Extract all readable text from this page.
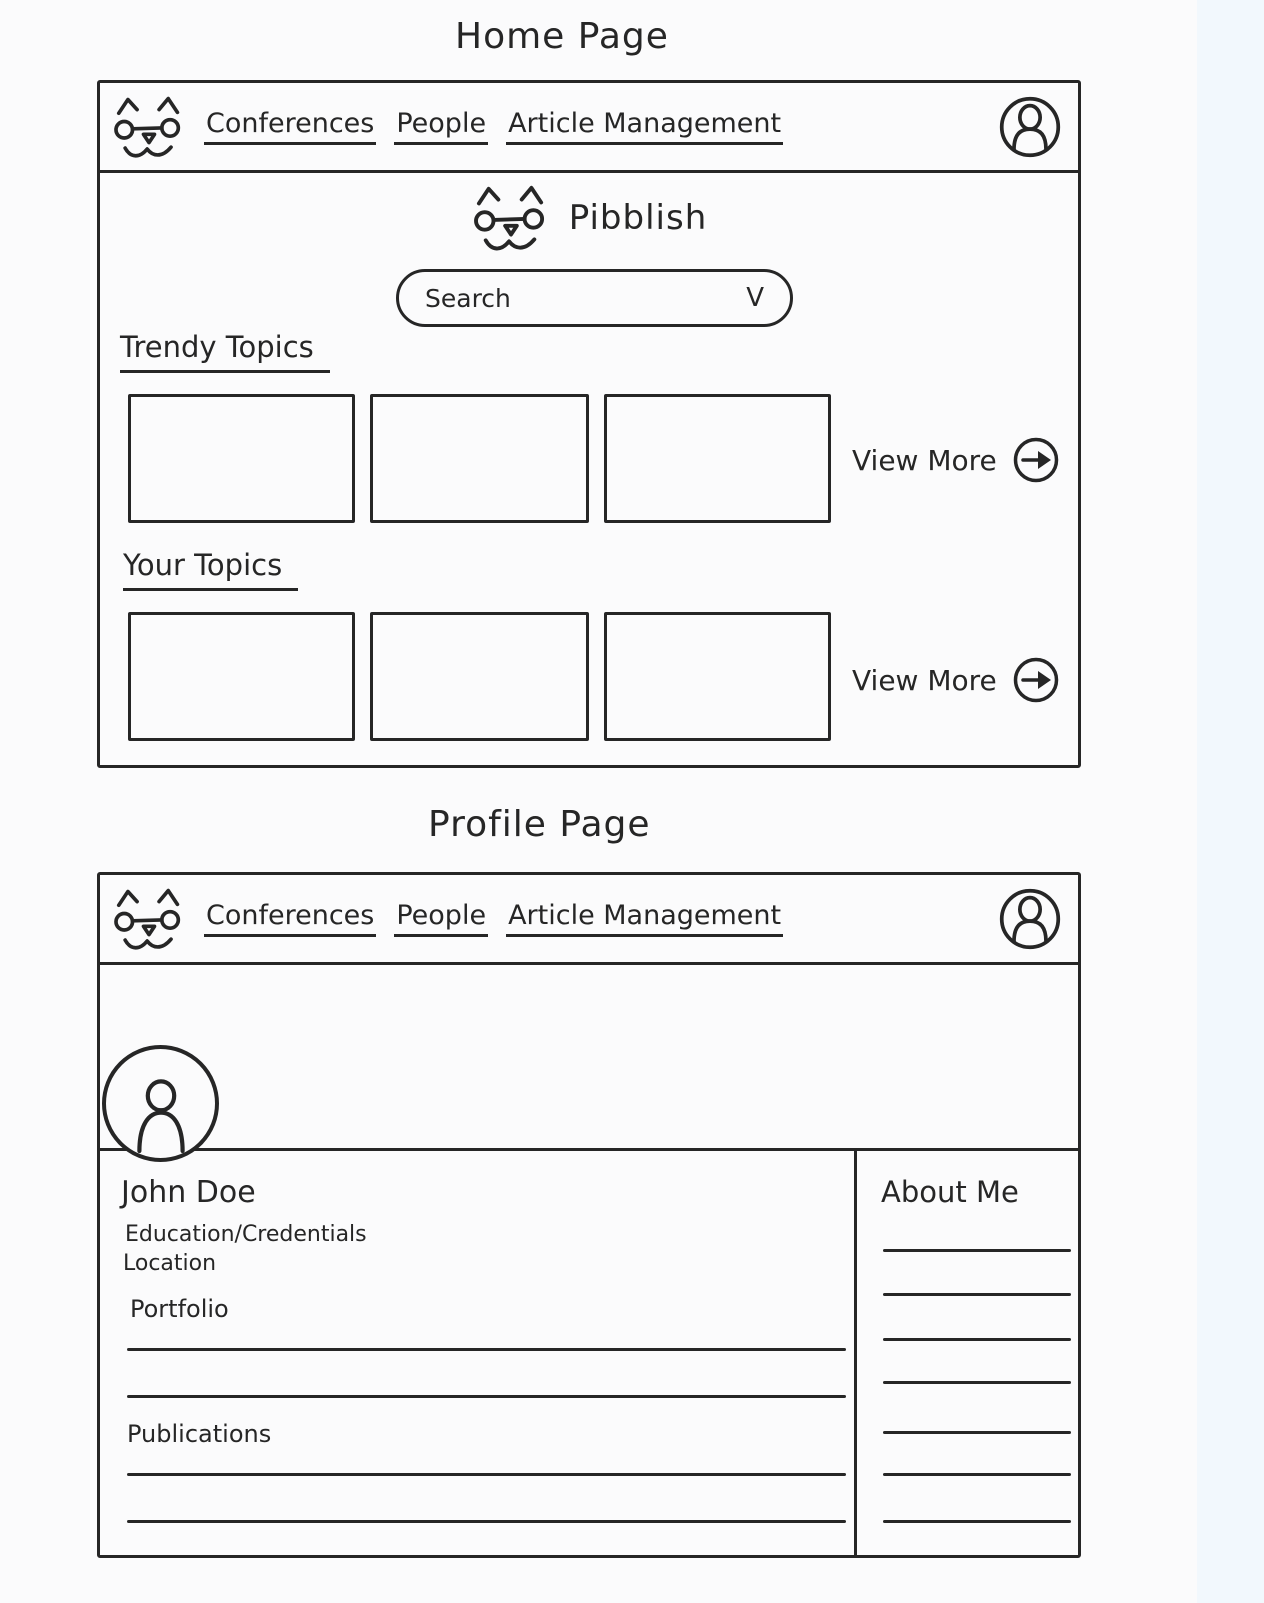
Home Page
Conferences People Article Management
Pibblish
Search	V
Trendy Topics
View More
Your Topics
View More
Profile Page
Conferences People Article Management
John Doe
Education/Credentials
Location
Portfolio
Publications
About Me
